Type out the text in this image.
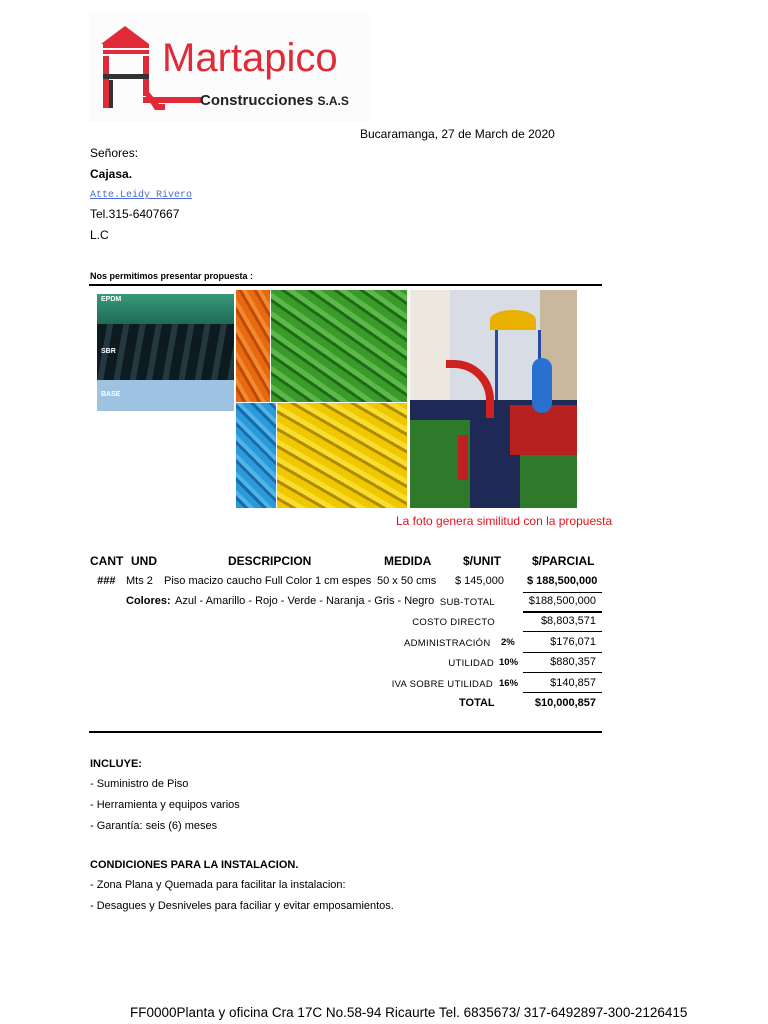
Martapico
Construcciones S.A.S
Bucaramanga, 27 de March de 2020
Señores:
Cajasa.
Atte.Leidy Rivero
Tel.315-6407667
L.C
Nos permitimos presentar propuesta :
EPDM
SBR
BASE
La foto genera similitud con la propuesta
CANT UND	DESCRIPCION	MEDIDA	$/UNIT	$/PARCIAL
### Mts 2 Piso macizo caucho Full Color 1 cm espes 50 x 50 cms $ 145,000 $ 188,500,000
Colores: Azul - Amarillo - Rojo - Verde - Naranja - Gris - Negro SUB-TOTAL	$188,500,000
COSTO DIRECTO	$8,803,571
ADMINISTRACIÓN	2%	$176,071
UTILIDAD 10%	$880,357
IVA SOBRE UTILIDAD 16%	$140,857
TOTAL	$10,000,857
INCLUYE:
- Suministro de Piso
- Herramienta y equipos varios
- Garantía: seis (6) meses
CONDICIONES PARA LA INSTALACION.
- Zona Plana y Quemada para facilitar la instalacion:
- Desagues y Desniveles para faciliar y evitar emposamientos.
FF0000Planta y oficina Cra 17C No.58-94 Ricaurte Tel. 6835673/ 317-6492897-300-2126415
